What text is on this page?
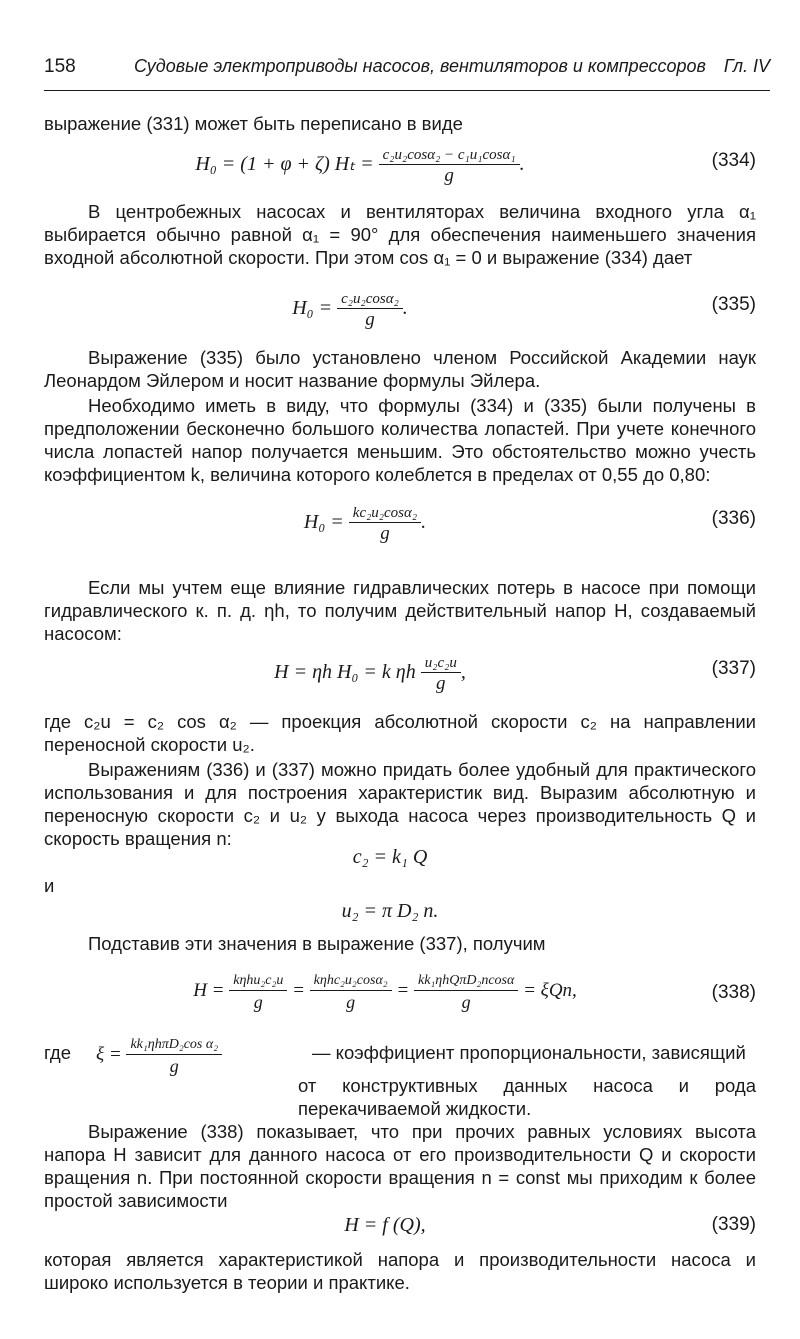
158	Судовые электроприводы насосов, вентиляторов и компрессоров Гл. IV

выражение (331) может быть переписано в виде

H₀ = (1 + φ + ζ) Hₜ = c₂u₂cosα₂ − c₁u₁cosα₁
g
.	(334)

В центробежных насосах и вентиляторах величина входного угла α₁ выбирается обычно равной α₁ = 90° для обеспечения наименьшего значения входной абсолютной скорости. При этом cos α₁ = 0 и выражение (334) дает

H₀ = c₂u₂cosα₂
g
.	(335)

Выражение (335) было установлено членом Российской Академии наук Леонардом Эйлером и носит название формулы Эйлера.

Необходимо иметь в виду, что формулы (334) и (335) были получены в предположении бесконечно большого количества лопастей. При учете конечного числа лопастей напор получается меньшим. Это обстоятельство можно учесть коэффициентом k, величина которого колеблется в пределах от 0,55 до 0,80:

H₀ = kc₂u₂cosα₂
g
.	(336)

Если мы учтем еще влияние гидравлических потерь в насосе при помощи гидравлического к. п. д. ηh, то получим действительный напор H, создаваемый насосом:

H = ηh H₀ = k ηh u₂c₂u
g
,	(337)

где c₂u = c₂ cos α₂ — проекция абсолютной скорости c₂ на направлении переносной скорости u₂.

Выражениям (336) и (337) можно придать более удобный для практического использования и для построения характеристик вид. Выразим абсолютную и переносную скорости c₂ и u₂ у выхода насоса через производительность Q и скорость вращения n:

c₂ = k₁ Q

и

u₂ = π D₂ n.

Подставив эти значения в выражение (337), получим

H = kηhu₂c₂u
g
= kηhc₂u₂cosα₂
g
= kk₁ηhQπD₂ncosα
g
= ξQn,	(338)
где ξ = kk₁ηhπD₂cos α₂
g
— коэффициент пропорциональности, зависящий

от конструктивных данных насоса и рода перекачиваемой жидкости.

Выражение (338) показывает, что при прочих равных условиях высота напора H зависит для данного насоса от его производительности Q и скорости вращения n. При постоянной скорости вращения n = const мы приходим к более простой зависимости

H = f (Q),	(339)

которая является характеристикой напора и производительности насоса и широко используется в теории и практике.
